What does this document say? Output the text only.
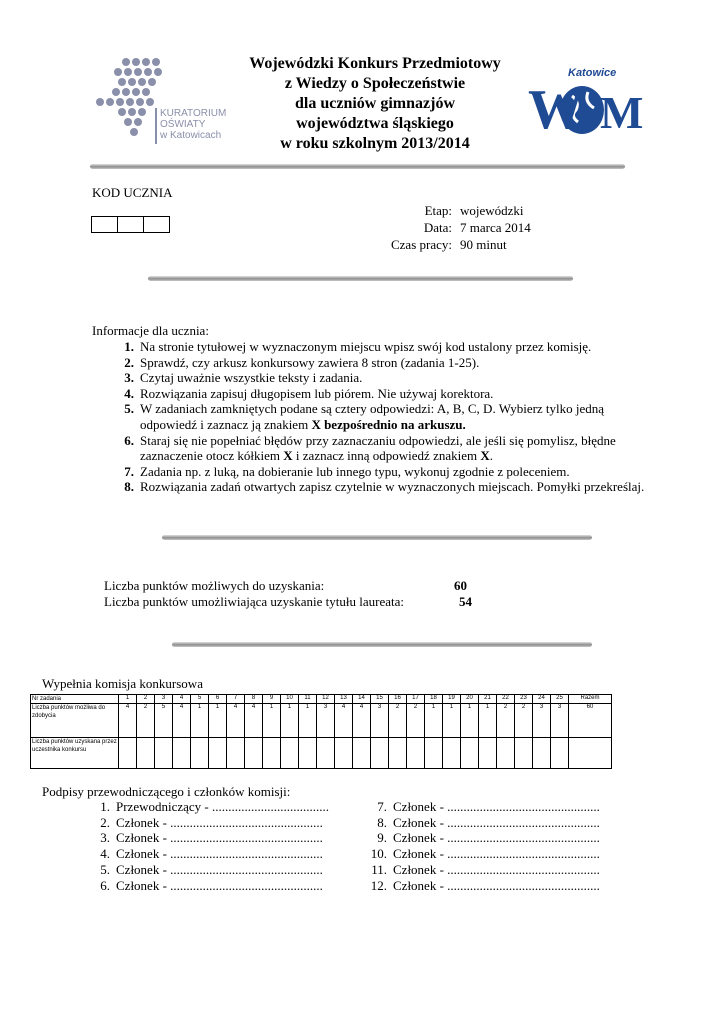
KURATORIUM
OŚWIATY
w Katowicach	W M
Katowice
WOM
Wojewódzki Konkurs Przedmiotowy
z Wiedzy o Społeczeństwie
dla uczniów gimnazjów
województwa śląskiego
w roku szkolnym 2013/2014
KOD UCZNIA
Etap: wojewódzki
Data: 7 marca 2014
Czas pracy: 90 minut
Informacje dla ucznia:
1. Na stronie tytułowej w wyznaczonym miejscu wpisz swój kod ustalony przez komisję.
2. Sprawdź, czy arkusz konkursowy zawiera 8 stron (zadania 1-25).
3. Czytaj uważnie wszystkie teksty i zadania.
4. Rozwiązania zapisuj długopisem lub piórem. Nie używaj korektora.
5. W zadaniach zamkniętych podane są cztery odpowiedzi: A, B, C, D. Wybierz tylko jedną odpowiedź i zaznacz ją znakiem X bezpośrednio na arkuszu.
6. Staraj się nie popełniać błędów przy zaznaczaniu odpowiedzi, ale jeśli się pomylisz, błędne zaznaczenie otocz kółkiem X i zaznacz inną odpowiedź znakiem X.
7. Zadania np. z luką, na dobieranie lub innego typu, wykonuj zgodnie z poleceniem.
8. Rozwiązania zadań otwartych zapisz czytelnie w wyznaczonych miejscach. Pomyłki przekreślaj.
Liczba punktów możliwych do uzyskania:	60
Liczba punktów umożliwiająca uzyskanie tytułu laureata:	54
Wypełnia komisja konkursowa
Nr zadania	1	2	3	4	5	6	7	8	9	10	11	12	13	14	15	16	17	18	19	20	21	22	23	24	25	Razem
Liczba punktów możliwa do zdobycia	4	2	5	4	1	1	4	4	1	1	1	3	4	4	3	2	2	1	1	1	1	2	2	3	3	60
Liczba punktów uzyskana przez uczestnika konkursu																										
Podpisy przewodniczącego i członków komisji:
1. Przewodniczący - ....................................
2. Członek - ...............................................
3. Członek - ...............................................
4. Członek - ...............................................
5. Członek - ...............................................
6. Członek - ...............................................
7. Członek - ...............................................
8. Członek - ...............................................
9. Członek - ...............................................
10. Członek - ...............................................
11. Członek - ...............................................
12. Członek - ...............................................
